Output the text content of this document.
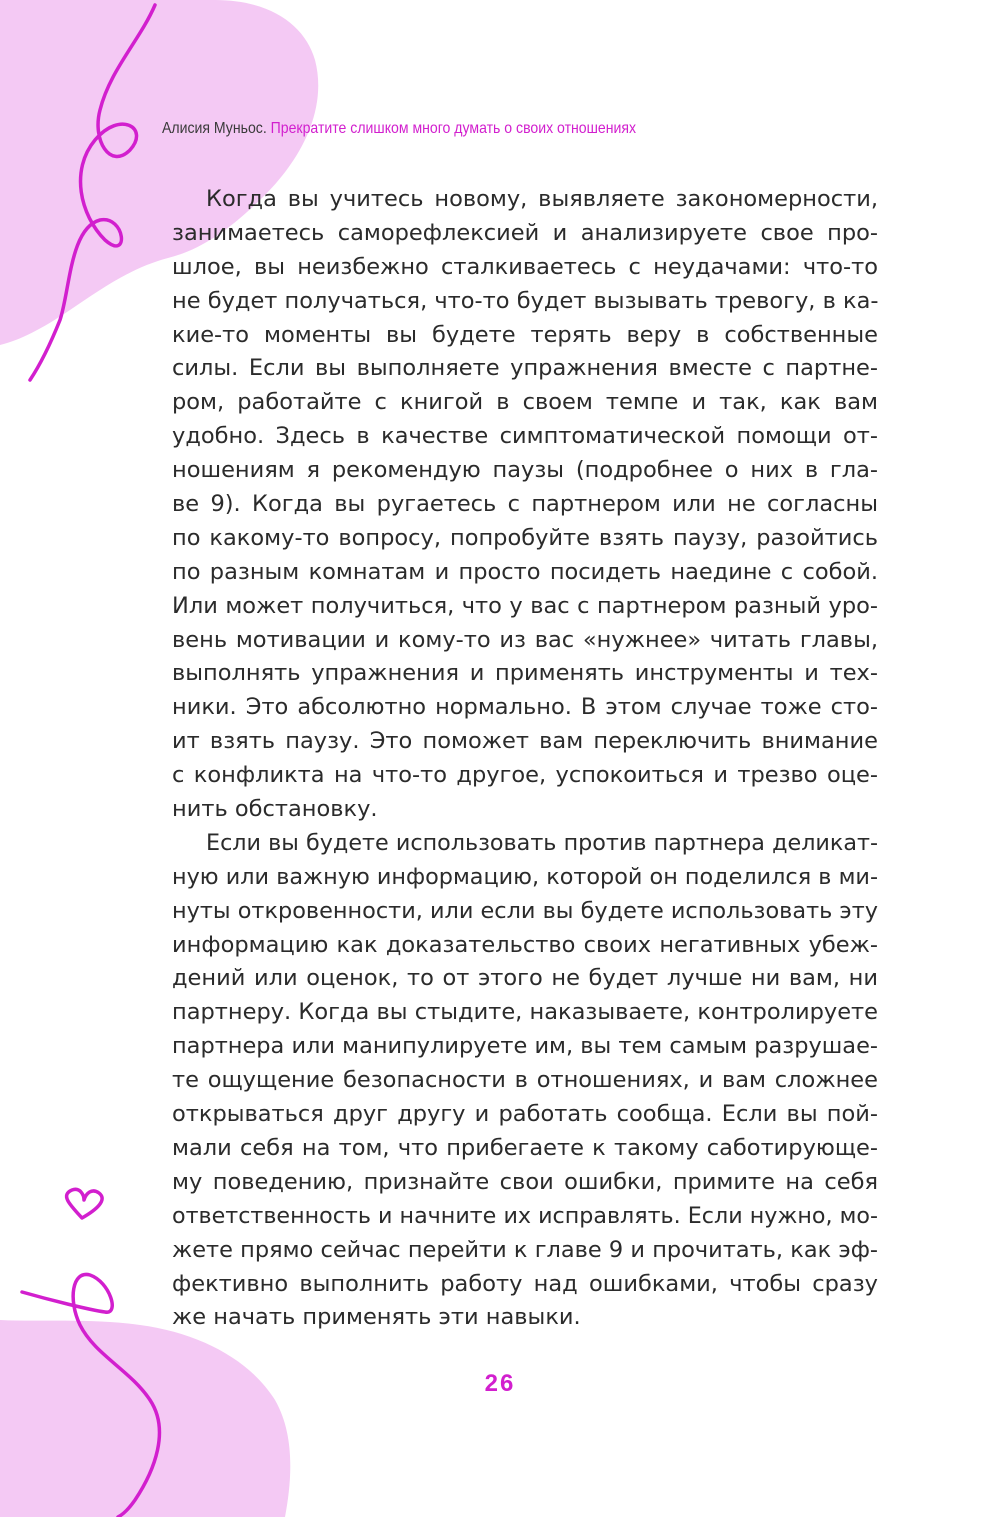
Алисия Муньос. Прекратите слишком много думать о своих отношениях
Когда вы учитесь новому, выявляете закономерности,
занимаетесь саморефлексией и анализируете свое про-
шлое, вы неизбежно сталкиваетесь с неудачами: что-то
не будет получаться, что-то будет вызывать тревогу, в ка-
кие-то моменты вы будете терять веру в собственные
силы. Если вы выполняете упражнения вместе с партне-
ром, работайте с книгой в своем темпе и так, как вам
удобно. Здесь в качестве симптоматической помощи от-
ношениям я рекомендую паузы (подробнее о них в гла-
ве 9). Когда вы ругаетесь с партнером или не согласны
по какому-то вопросу, попробуйте взять паузу, разойтись
по разным комнатам и просто посидеть наедине с собой.
Или может получиться, что у вас с партнером разный уро-
вень мотивации и кому-то из вас «нужнее» читать главы,
выполнять упражнения и применять инструменты и тех-
ники. Это абсолютно нормально. В этом случае тоже сто-
ит взять паузу. Это поможет вам переключить внимание
с конфликта на что-то другое, успокоиться и трезво оце-
нить обстановку.
Если вы будете использовать против партнера деликат-
ную или важную информацию, которой он поделился в ми-
нуты откровенности, или если вы будете использовать эту
информацию как доказательство своих негативных убеж-
дений или оценок, то от этого не будет лучше ни вам, ни
партнеру. Когда вы стыдите, наказываете, контролируете
партнера или манипулируете им, вы тем самым разрушае-
те ощущение безопасности в отношениях, и вам сложнее
открываться друг другу и работать сообща. Если вы пой-
мали себя на том, что прибегаете к такому саботирующе-
му поведению, признайте свои ошибки, примите на себя
ответственность и начните их исправлять. Если нужно, мо-
жете прямо сейчас перейти к главе 9 и прочитать, как эф-
фективно выполнить работу над ошибками, чтобы сразу
же начать применять эти навыки.
26
